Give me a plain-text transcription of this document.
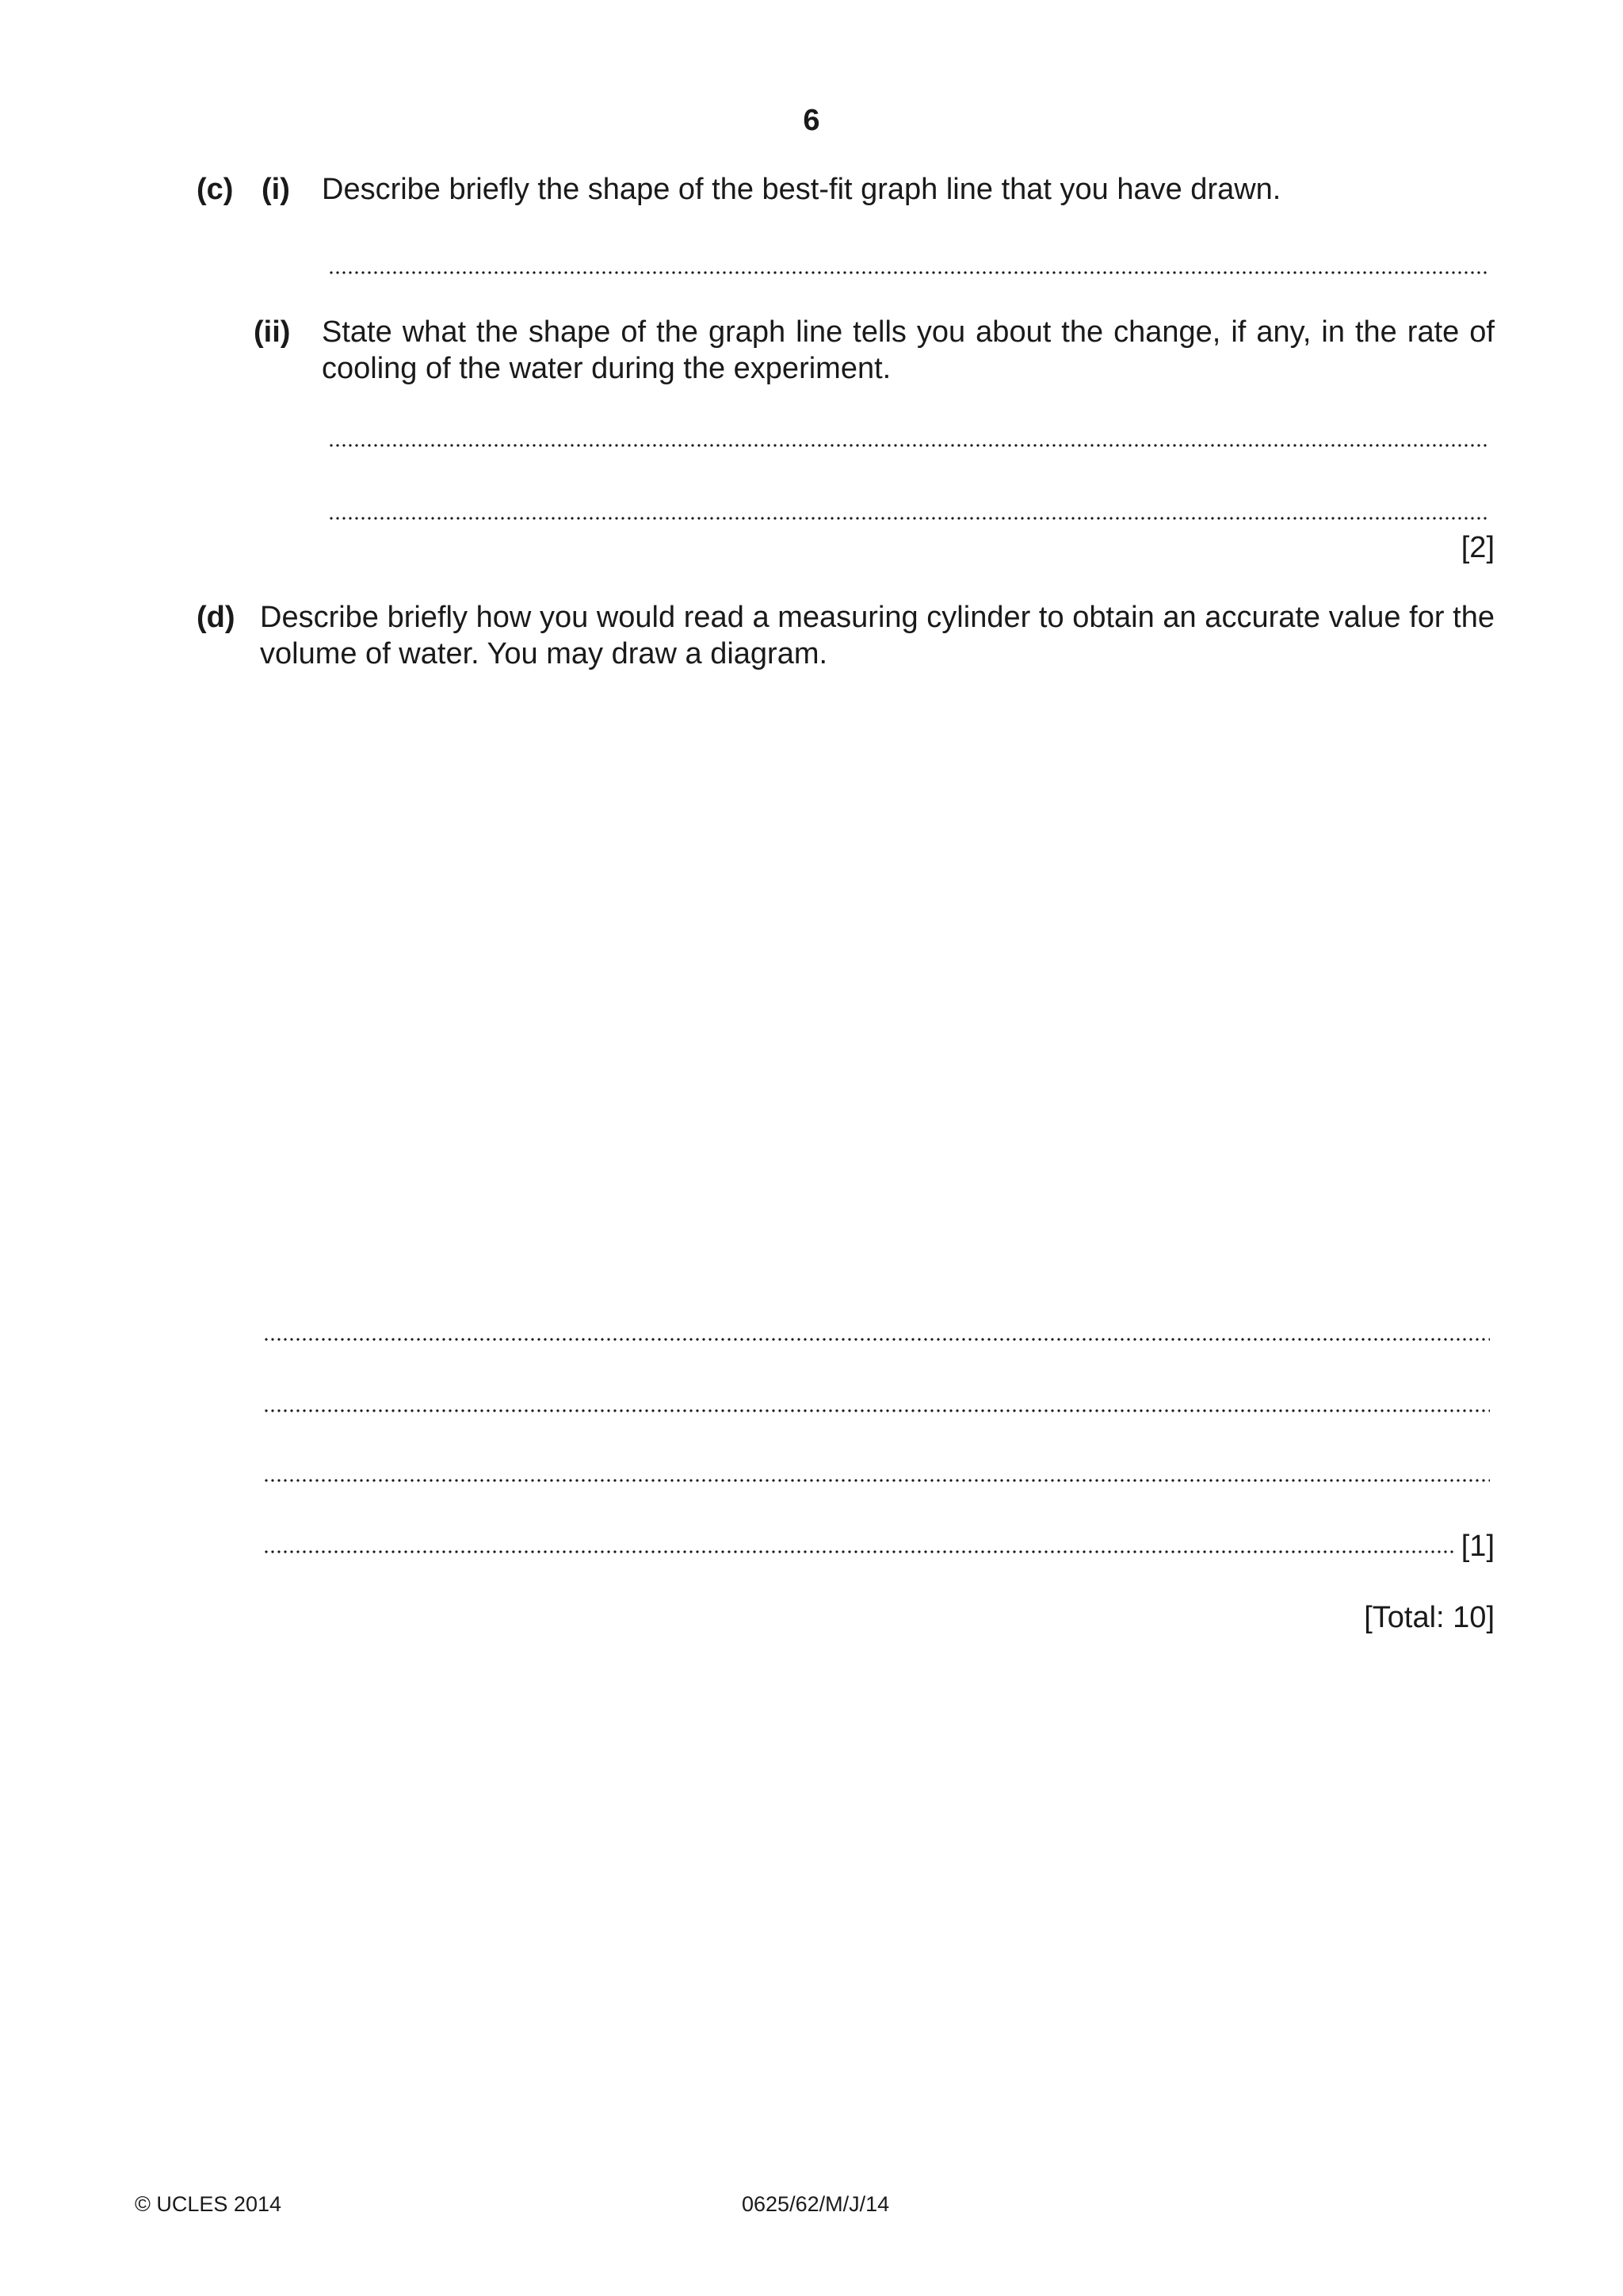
6
(c) (i) Describe briefly the shape of the best-fit graph line that you have drawn.
(ii) State what the shape of the graph line tells you about the change, if any, in the rate of cooling of the water during the experiment.
[2]
(d) Describe briefly how you would read a measuring cylinder to obtain an accurate value for the volume of water. You may draw a diagram.
[1]
[Total: 10]
© UCLES 2014	0625/62/M/J/14
